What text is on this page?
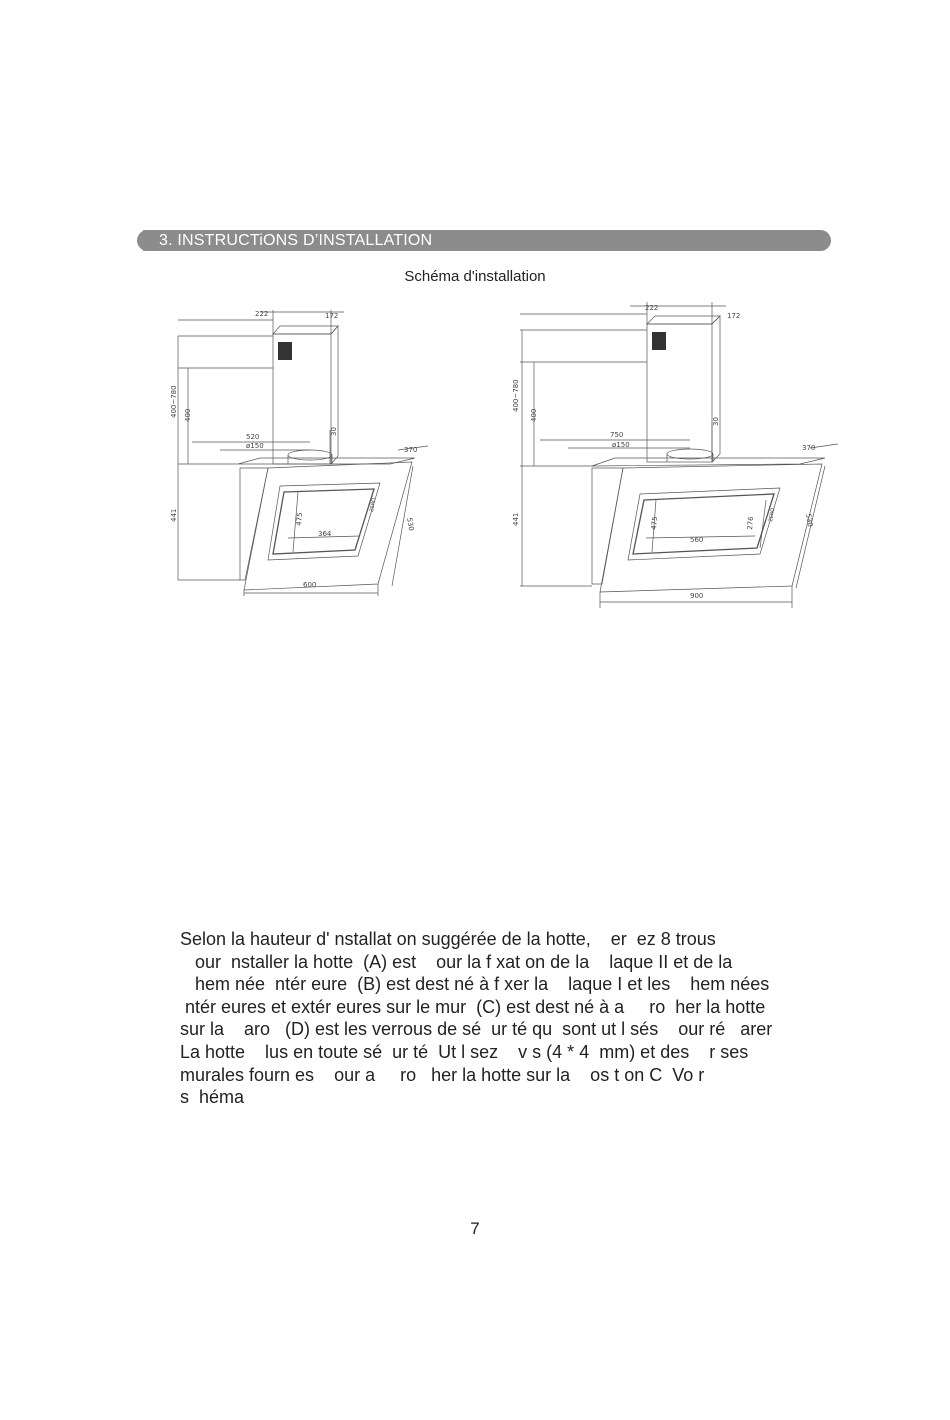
3. INSTRUCTiONS D’INSTALLATION
Schéma d'installation
222	172
400~780 400
520
ø150
30
370
441
530
475
364
600
ZERO
222
172
400~780
400
750
ø150
30
370
441	530
475	276
560
900
ZERO
Selon la hauteur d' nstallat on suggérée de la hotte,    er  ez 8 trous
our  nstaller la hotte  (A) est    our la f xat on de la    laque II et de la
hem née  ntér eure  (B) est dest né à f xer la    laque I et les    hem nées
ntér eures et extér eures sur le mur  (C) est dest né à a     ro  her la hotte
sur la    aro   (D) est les verrous de sé  ur té qu  sont ut l sés    our ré   arer
La hotte    lus en toute sé  ur té  Ut l sez    v s (4 * 4  mm) et des    r ses
murales fourn es    our a     ro   her la hotte sur la    os t on C  Vo r
s  héma
7
